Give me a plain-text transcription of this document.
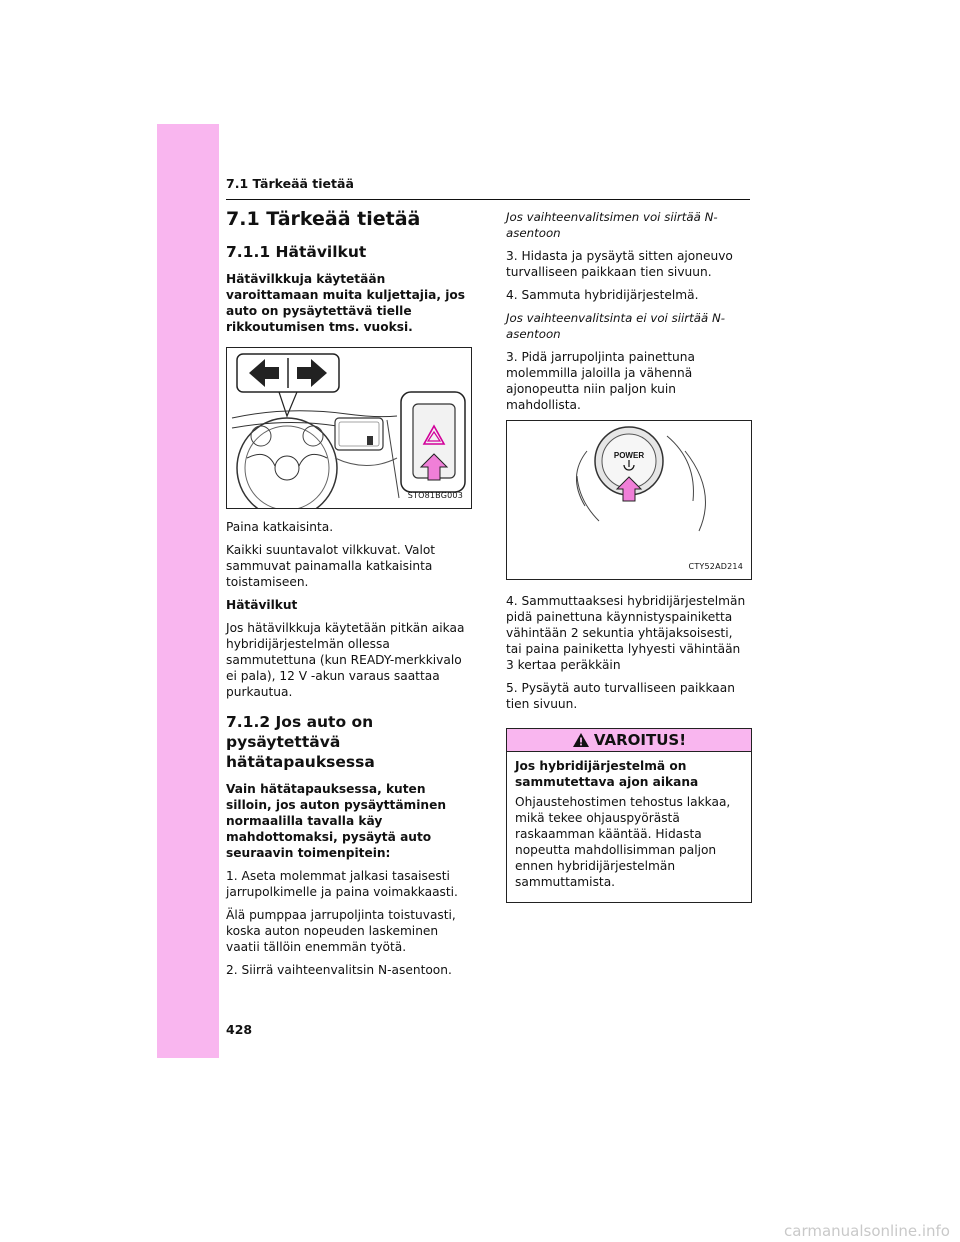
7.1 Tärkeää tietää
7.1 Tärkeää tietää
7.1.1 Hätävilkut

Hätävilkkuja käytetään varoittamaan muita kuljettajia, jos auto on pysäytettävä tielle rikkoutumisen tms. vuoksi.

STO81BG003

Paina katkaisinta.

Kaikki suuntavalot vilkkuvat. Valot sammuvat painamalla katkaisinta toistamiseen.

Hätävilkut

Jos hätävilkkuja käytetään pitkän aikaa hybridijärjestelmän ollessa sammutettuna (kun READY-merkkivalo ei pala), 12 V -akun varaus saattaa purkautua.

7.1.2 Jos auto on pysäytettävä hätätapauksessa

Vain hätätapauksessa, kuten silloin, jos auton pysäyttäminen normaalilla tavalla käy mahdottomaksi, pysäytä auto seuraavin toimenpitein:

1. Aseta molemmat jalkasi tasaisesti jarrupolkimelle ja paina voimakkaasti.

Älä pumppaa jarrupoljinta toistuvasti, koska auton nopeuden laskeminen vaatii tällöin enemmän työtä.

2. Siirrä vaihteenvalitsin N-asentoon.

Jos vaihteenvalitsimen voi siirtää N-asentoon

3. Hidasta ja pysäytä sitten ajoneuvo turvalliseen paikkaan tien sivuun.

4. Sammuta hybridijärjestelmä.

Jos vaihteenvalitsinta ei voi siirtää N-asentoon

3. Pidä jarrupoljinta painettuna molemmilla jaloilla ja vähennä ajonopeutta niin paljon kuin mahdollista.

POWER
CTY52AD214

4. Sammuttaaksesi hybridijärjestelmän pidä painettuna käynnistyspainiketta vähintään 2 sekuntia yhtäjaksoisesti, tai paina painiketta lyhyesti vähintään 3 kertaa peräkkäin

5. Pysäytä auto turvalliseen paikkaan tien sivuun.

VAROITUS!

Jos hybridijärjestelmä on sammutettava ajon aikana

Ohjaustehostimen tehostus lakkaa, mikä tekee ohjauspyörästä raskaamman kääntää. Hidasta nopeutta mahdollisimman paljon ennen hybridijärjestelmän sammuttamista.

428
carmanualsonline.info
